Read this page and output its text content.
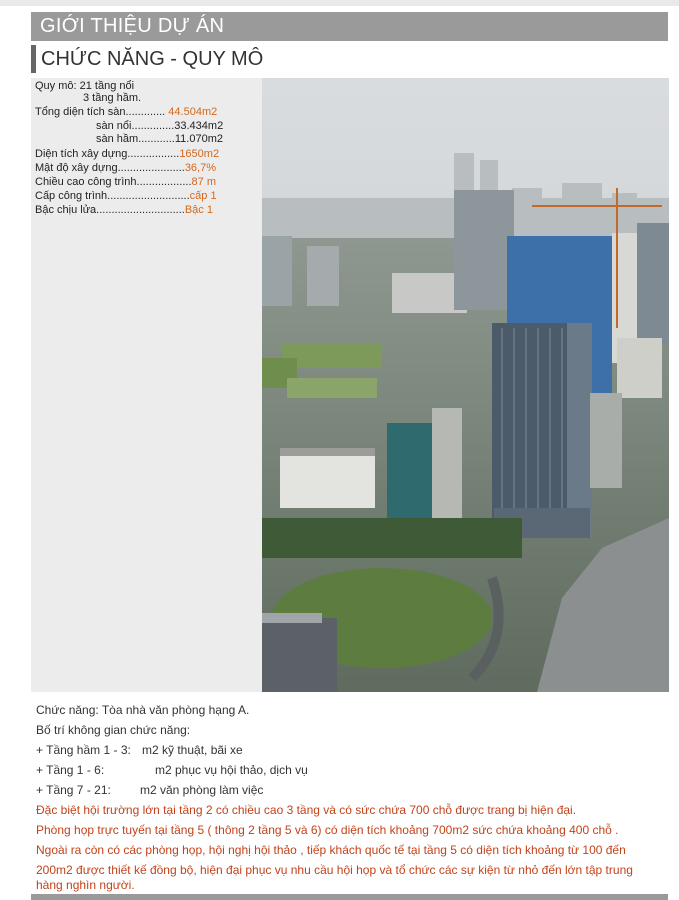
GIỚI THIỆU DỰ ÁN
CHỨC NĂNG - QUY MÔ
Quy mô: 21 tầng nổi
3 tầng hầm.
Tổng diện tích sàn............. 44.504m2
sàn nổi..............33.434m2
sàn hầm............11.070m2
Diện tích xây dựng.................1650m2
Mật độ xây dựng......................36,7%
Chiều cao công trình..................87 m
Cấp công trình...........................cấp 1
Bậc chịu lửa.............................Bậc 1
Chức năng: Tòa nhà văn phòng hạng A.
Bố trí không gian chức năng:
+ Tầng hầm 1 - 3: m2 kỹ thuật, bãi xe
+ Tầng 1 - 6:	m2 phục vụ hội thảo, dịch vụ
+ Tầng 7 - 21: m2 văn phòng làm việc
Đặc biệt hội trường lớn tại tầng 2 có chiều cao 3 tầng và có sức chứa 700 chỗ được trang bị hiện đại.
Phòng họp trực tuyến tại tầng 5 ( thông 2 tầng 5 và 6) có diện tích khoảng 700m2 sức chứa khoảng 400 chỗ .
Ngoài ra còn có các phòng họp, hội nghị hội thảo , tiếp khách quốc tế tại tầng 5 có diện tích khoảng từ 100 đến
200m2 được thiết kế đồng bộ, hiện đại phục vụ nhu cầu hội họp và tổ chức các sự kiện từ nhỏ đến lớn tập trung
hàng nghìn người.
